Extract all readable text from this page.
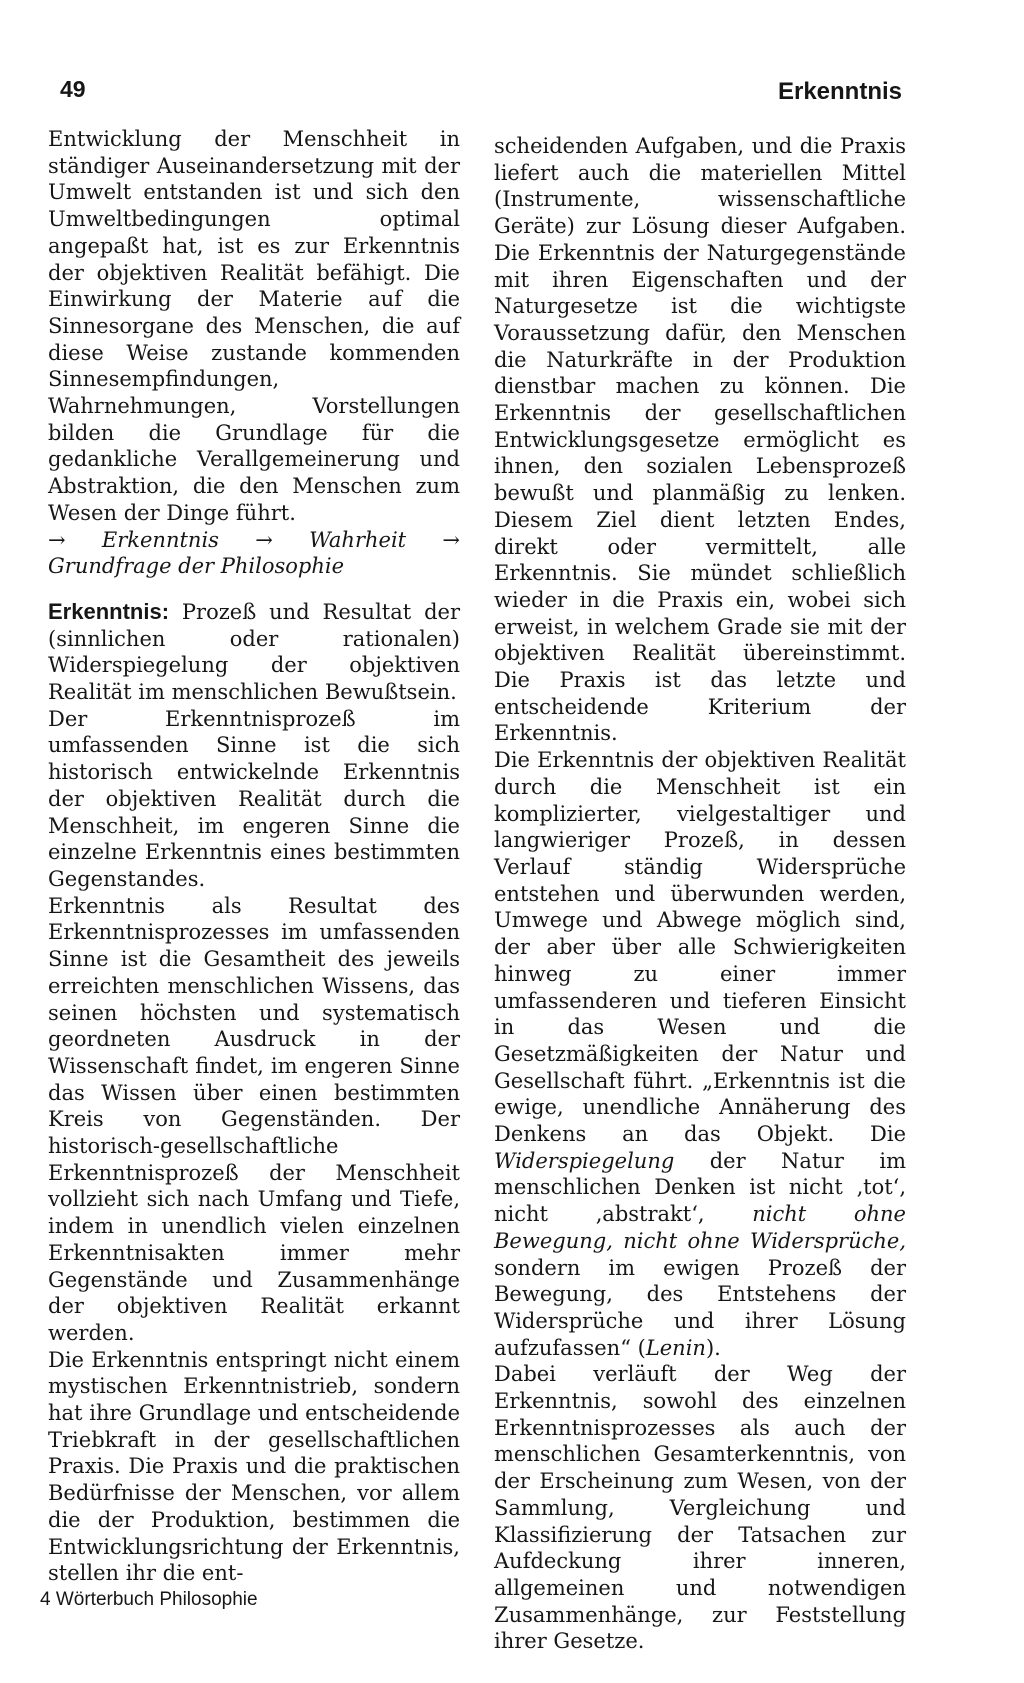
49	Erkenntnis

Entwicklung der Menschheit in ständiger Auseinandersetzung mit der Umwelt entstanden ist und sich den Umweltbedingungen optimal angepaßt hat, ist es zur Erkenntnis der objektiven Realität befähigt. Die Einwirkung der Materie auf die Sinnesorgane des Menschen, die auf diese Weise zustande kommenden Sinnesempfindungen, Wahrnehmungen, Vorstellungen bilden die Grundlage für die gedankliche Verallgemeinerung und Abstraktion, die den Menschen zum Wesen der Dinge führt.

→ Erkenntnis → Wahrheit → Grundfrage der Philosophie

Erkenntnis: Prozeß und Resultat der (sinnlichen oder rationalen) Widerspiegelung der objektiven Realität im menschlichen Bewußtsein.

Der Erkenntnisprozeß im umfassenden Sinne ist die sich historisch entwickelnde Erkenntnis der objektiven Realität durch die Menschheit, im engeren Sinne die einzelne Erkenntnis eines bestimmten Gegenstandes.

Erkenntnis als Resultat des Erkenntnisprozesses im umfassenden Sinne ist die Gesamtheit des jeweils erreichten menschlichen Wissens, das seinen höchsten und systematisch geordneten Ausdruck in der Wissenschaft findet, im engeren Sinne das Wissen über einen bestimmten Kreis von Gegenständen. Der historisch-gesellschaftliche Erkenntnisprozeß der Menschheit vollzieht sich nach Umfang und Tiefe, indem in unendlich vielen einzelnen Erkenntnisakten immer mehr Gegenstände und Zusammenhänge der objektiven Realität erkannt werden.

Die Erkenntnis entspringt nicht einem mystischen Erkenntnistrieb, sondern hat ihre Grundlage und entscheidende Triebkraft in der gesellschaftlichen Praxis. Die Praxis und die praktischen Bedürfnisse der Menschen, vor allem die der Produktion, bestimmen die Entwicklungsrichtung der Erkenntnis, stellen ihr die ent-

scheidenden Aufgaben, und die Praxis liefert auch die materiellen Mittel (Instrumente, wissenschaftliche Geräte) zur Lösung dieser Aufgaben. Die Erkenntnis der Naturgegenstände mit ihren Eigenschaften und der Naturgesetze ist die wichtigste Voraussetzung dafür, den Menschen die Naturkräfte in der Produktion dienstbar machen zu können. Die Erkenntnis der gesellschaftlichen Entwicklungsgesetze ermöglicht es ihnen, den sozialen Lebensprozeß bewußt und planmäßig zu lenken. Diesem Ziel dient letzten Endes, direkt oder vermittelt, alle Erkenntnis. Sie mündet schließlich wieder in die Praxis ein, wobei sich erweist, in welchem Grade sie mit der objektiven Realität übereinstimmt. Die Praxis ist das letzte und entscheidende Kriterium der Erkenntnis.

Die Erkenntnis der objektiven Realität durch die Menschheit ist ein komplizierter, vielgestaltiger und langwieriger Prozeß, in dessen Verlauf ständig Widersprüche entstehen und überwunden werden, Umwege und Abwege möglich sind, der aber über alle Schwierigkeiten hinweg zu einer immer umfassenderen und tieferen Einsicht in das Wesen und die Gesetzmäßigkeiten der Natur und Gesellschaft führt. „Erkenntnis ist die ewige, unendliche Annäherung des Denkens an das Objekt. Die Widerspiegelung der Natur im menschlichen Denken ist nicht ‚tot‘, nicht ‚abstrakt‘, nicht ohne Bewegung, nicht ohne Widersprüche, sondern im ewigen Prozeß der Bewegung, des Entstehens der Widersprüche und ihrer Lösung aufzufassen“ (Lenin).

Dabei verläuft der Weg der Erkenntnis, sowohl des einzelnen Erkenntnisprozesses als auch der menschlichen Gesamterkenntnis, von der Erscheinung zum Wesen, von der Sammlung, Vergleichung und Klassifizierung der Tatsachen zur Aufdeckung ihrer inneren, allgemeinen und notwendigen Zusammenhänge, zur Feststellung ihrer Gesetze.

4 Wörterbuch Philosophie
